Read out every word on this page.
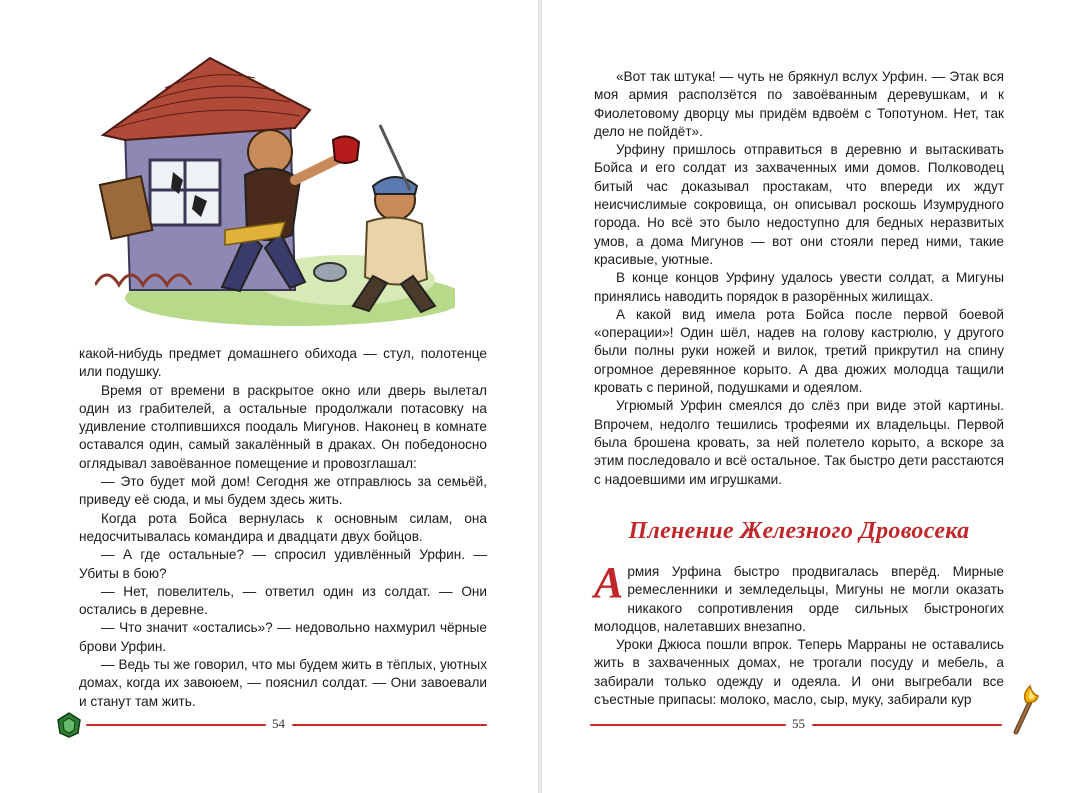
какой-нибудь предмет домашнего обихода — стул, полотенце или подушку.

Время от времени в раскрытое окно или дверь вылетал один из грабителей, а остальные продолжали потасовку на удивление столпившихся поодаль Мигунов. Наконец в комнате оставался один, самый закалённый в драках. Он победоносно оглядывал завоёванное помещение и провозглашал:

— Это будет мой дом! Сегодня же отправлюсь за семьёй, приведу её сюда, и мы будем здесь жить.

Когда рота Бойса вернулась к основным силам, она недосчитывалась командира и двадцати двух бойцов.

— А где остальные? — спросил удивлённый Урфин. — Убиты в бою?

— Нет, повелитель, — ответил один из солдат. — Они остались в деревне.

— Что значит «остались»? — недовольно нахмурил чёрные брови Урфин.

— Ведь ты же говорил, что мы будем жить в тёплых, уютных домах, когда их завоюем, — пояснил солдат. — Они завоевали и станут там жить.

54

«Вот так штука! — чуть не брякнул вслух Урфин. — Этак вся моя армия расползётся по завоёванным деревушкам, и к Фиолетовому дворцу мы придём вдвоём с Топотуном. Нет, так дело не пойдёт».

Урфину пришлось отправиться в деревню и вытаскивать Бойса и его солдат из захваченных ими домов. Полководец битый час доказывал простакам, что впереди их ждут неисчислимые сокровища, он описывал роскошь Изумрудного города. Но всё это было недоступно для бедных неразвитых умов, а дома Мигунов — вот они стояли перед ними, такие красивые, уютные.

В конце концов Урфину удалось увести солдат, а Мигуны принялись наводить порядок в разорённых жилищах.

А какой вид имела рота Бойса после первой боевой «операции»! Один шёл, надев на голову кастрюлю, у другого были полны руки ножей и вилок, третий прикрутил на спину огромное деревянное корыто. А два дюжих молодца тащили кровать с периной, подушками и одеялом.

Угрюмый Урфин смеялся до слёз при виде этой картины. Впрочем, недолго тешились трофеями их владельцы. Первой была брошена кровать, за ней полетело корыто, а вскоре за этим последовало и всё остальное. Так быстро дети расстаются с надоевшими им игрушками.

Пленение Железного Дровосека

Армия Урфина быстро продвигалась вперёд. Мирные ремесленники и земледельцы, Мигуны не могли оказать никакого сопротивления орде сильных быстроногих молодцов, налетавших внезапно.

Уроки Джюса пошли впрок. Теперь Марраны не оставались жить в захваченных домах, не трогали посуду и мебель, а забирали только одежду и одеяла. И они выгребали все съестные припасы: молоко, масло, сыр, муку, забирали кур

55
